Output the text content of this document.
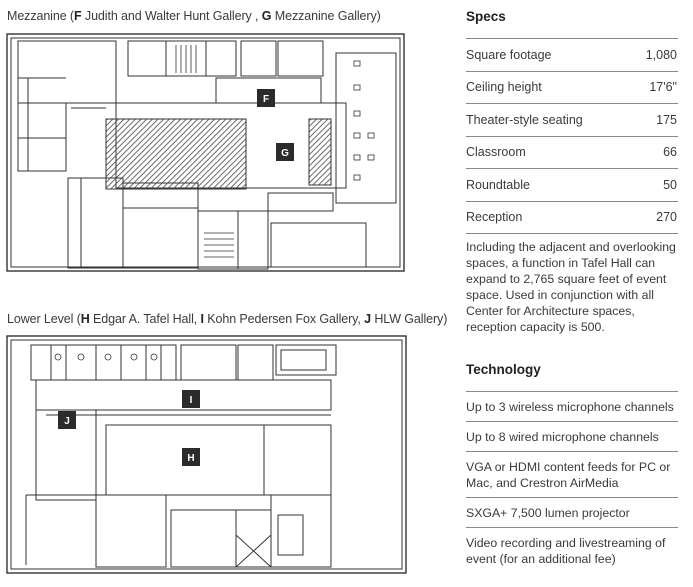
Mezzanine (F Judith and Walter Hunt Gallery , G Mezzanine Gallery)
F
G
Lower Level (H Edgar A. Tafel Hall, I Kohn Pedersen Fox Gallery, J HLW Gallery)
I
J
H
Specs
Square footage	1,080
Ceiling height	17'6"
Theater-style seating	175
Classroom	66
Roundtable	50
Reception	270
Including the adjacent and overlooking spaces, a function in Tafel Hall can expand to 2,765 square feet of event space. Used in conjunction with all Center for Architecture spaces, reception capacity is 500.
Technology
Up to 3 wireless microphone channels
Up to 8 wired microphone channels
VGA or HDMI content feeds for PC or Mac, and Crestron AirMedia
SXGA+ 7,500 lumen projector
Video recording and livestreaming of event (for an additional fee)
